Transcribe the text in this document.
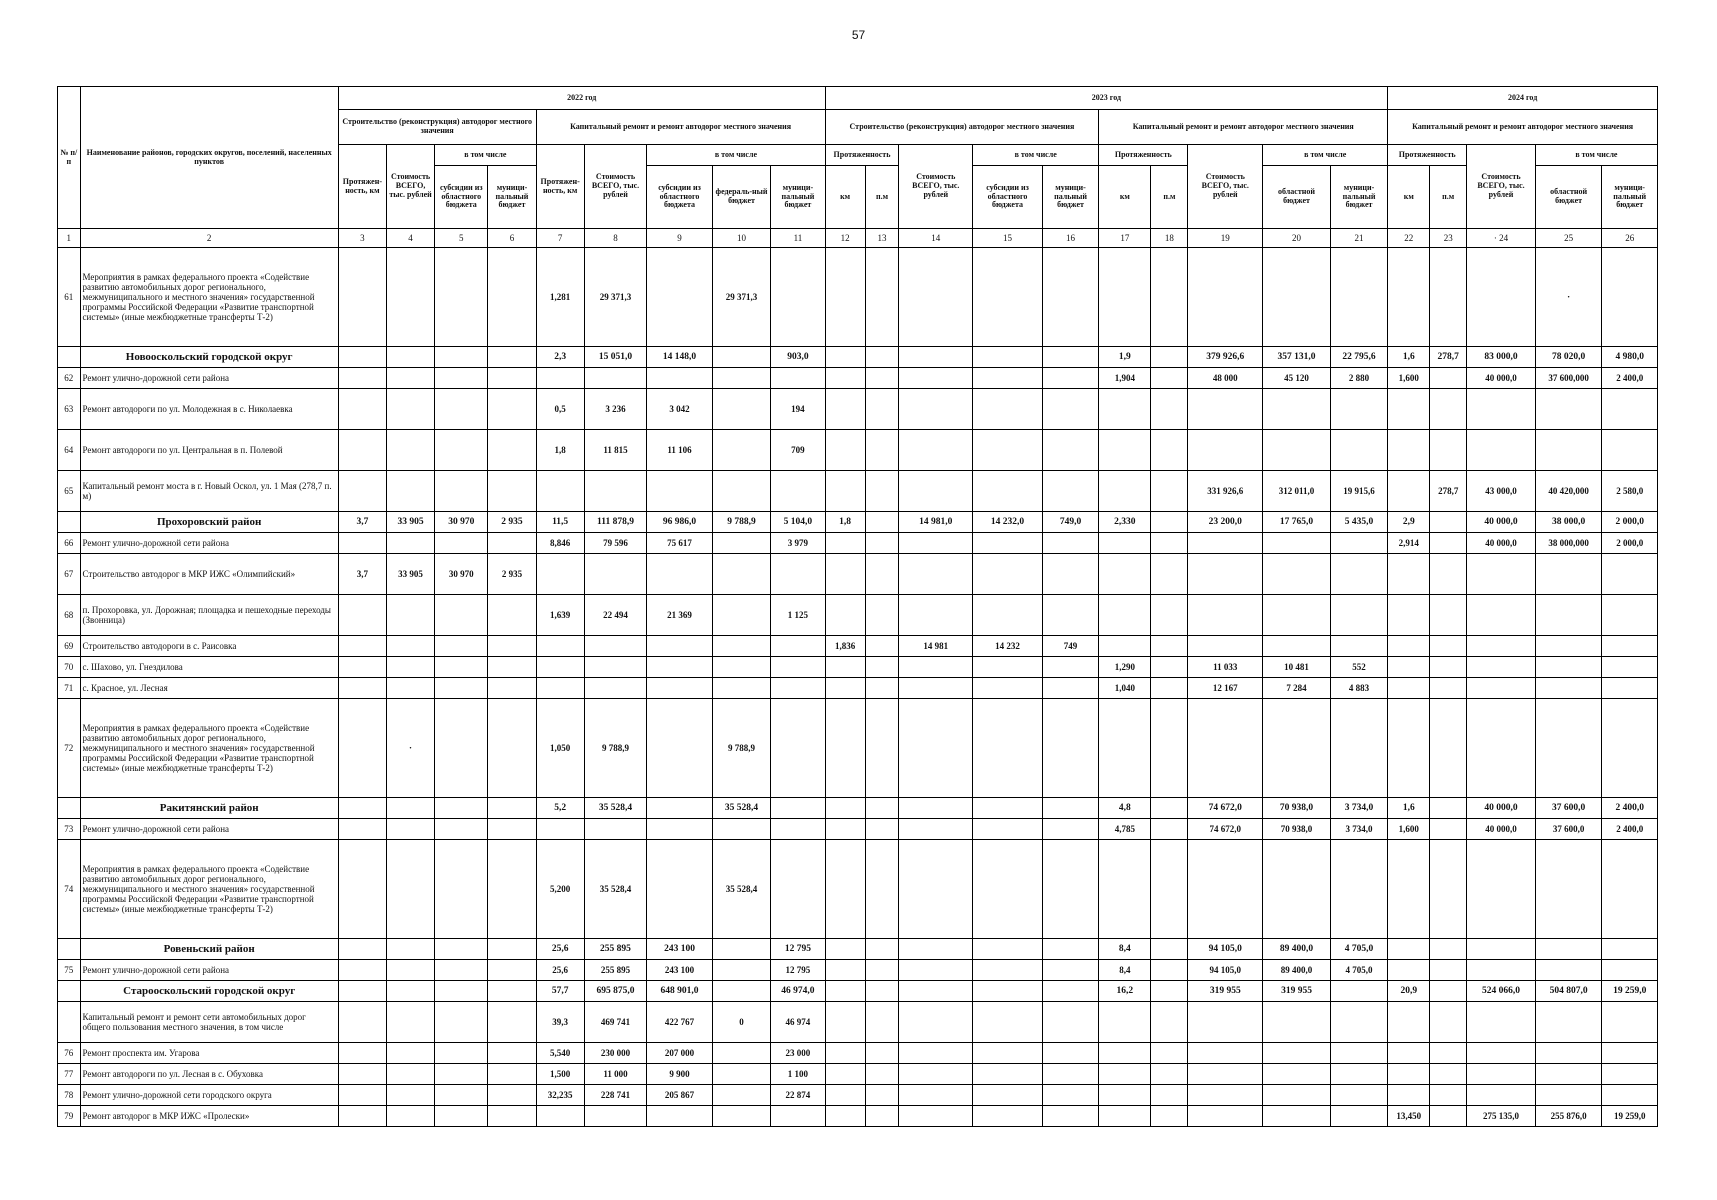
57
№ п/п	Наименование районов, городских округов, поселений, населенных пунктов	2022 год									2023 год										2024 год				
		Строительство (реконструкция) автодорог местного значения				Капитальный ремонт и ремонт автодорог местного значения					Строительство (реконструкция) автодорог местного значения					Капитальный ремонт и ремонт автодорог местного значения					Капитальный ремонт и ремонт автодорог местного значения				
		Протяжен-ность, км	Стоимость ВСЕГО, тыс. рублей	в том числе		Протяжен-ность, км	Стоимость ВСЕГО, тыс. рублей	в том числе			Протяженность		Стоимость ВСЕГО, тыс. рублей	в том числе		Протяженность		Стоимость ВСЕГО, тыс. рублей	в том числе		Протяженность		Стоимость ВСЕГО, тыс. рублей	в том числе	
				субсидии из областного бюджета	муници-пальный бюджет			субсидии из областного бюджета	федераль-ный бюджет	муници-пальный бюджет	км	п.м		субсидии из областного бюджета	муници-пальный бюджет	км	п.м		областной бюджет	муници-пальный бюджет	км	п.м		областной бюджет	муници-пальный бюджет
1	2	3	4	5	6	7	8	9	10	11	12	13	14	15	16	17	18	19	20	21	22	23	· 24	25	26
61	Мероприятия в рамках федерального проекта «Содействие развитию автомобильных дорог регионального, межмуниципального и местного значения» государственной программы Российской Федерации «Развитие транспортной системы» (иные межбюджетные трансферты Т-2)					1,281	29 371,3		29 371,3															·	
	Новооскольский городской округ					2,3	15 051,0	14 148,0		903,0						1,9		379 926,6	357 131,0	22 795,6	1,6	278,7	83 000,0	78 020,0	4 980,0
62	Ремонт улично-дорожной сети района															1,904		48 000	45 120	2 880	1,600		40 000,0	37 600,000	2 400,0
63	Ремонт автодороги по ул. Молодежная в с. Николаевка					0,5	3 236	3 042		194															
64	Ремонт автодороги по ул. Центральная в п. Полевой					1,8	11 815	11 106		709															
65	Капитальный ремонт моста в г. Новый Оскол, ул. 1 Мая (278,7 п. м)																	331 926,6	312 011,0	19 915,6		278,7	43 000,0	40 420,000	2 580,0
	Прохоровский район	3,7	33 905	30 970	2 935	11,5	111 878,9	96 986,0	9 788,9	5 104,0	1,8		14 981,0	14 232,0	749,0	2,330		23 200,0	17 765,0	5 435,0	2,9		40 000,0	38 000,0	2 000,0
66	Ремонт улично-дорожной сети района					8,846	79 596	75 617		3 979											2,914		40 000,0	38 000,000	2 000,0
67	Строительство автодорог в МКР ИЖС «Олимпийский»	3,7	33 905	30 970	2 935																				
68	п. Прохоровка, ул. Дорожная; площадка и пешеходные переходы (Звонница)					1,639	22 494	21 369		1 125															
69	Строительство автодороги в с. Раисовка										1,836		14 981	14 232	749										
70	с. Шахово, ул. Гнездилова															1,290		11 033	10 481	552					
71	с. Красное, ул. Лесная															1,040		12 167	7 284	4 883					
72	Мероприятия в рамках федерального проекта «Содействие развитию автомобильных дорог регионального, межмуниципального и местного значения» государственной программы Российской Федерации «Развитие транспортной системы» (иные межбюджетные трансферты Т-2)		·			1,050	9 788,9		9 788,9																
	Ракитянский район					5,2	35 528,4		35 528,4							4,8		74 672,0	70 938,0	3 734,0	1,6		40 000,0	37 600,0	2 400,0
73	Ремонт улично-дорожной сети района															4,785		74 672,0	70 938,0	3 734,0	1,600		40 000,0	37 600,0	2 400,0
74	Мероприятия в рамках федерального проекта «Содействие развитию автомобильных дорог регионального, межмуниципального и местного значения» государственной программы Российской Федерации «Развитие транспортной системы» (иные межбюджетные трансферты Т-2)					5,200	35 528,4		35 528,4																
	Ровеньский район					25,6	255 895	243 100		12 795						8,4		94 105,0	89 400,0	4 705,0					
75	Ремонт улично-дорожной сети района					25,6	255 895	243 100		12 795						8,4		94 105,0	89 400,0	4 705,0					
	Старооскольский городской округ					57,7	695 875,0	648 901,0		46 974,0						16,2		319 955	319 955		20,9		524 066,0	504 807,0	19 259,0
	Капитальный ремонт и ремонт сети автомобильных дорог общего пользования местного значения, в том числе					39,3	469 741	422 767	0	46 974															
76	Ремонт проспекта им. Угарова					5,540	230 000	207 000		23 000															
77	Ремонт автодороги по ул. Лесная в с. Обуховка					1,500	11 000	9 900		1 100															
78	Ремонт улично-дорожной сети городского округа					32,235	228 741	205 867		22 874															
79	Ремонт автодорог в МКР ИЖС «Пролески»																				13,450		275 135,0	255 876,0	19 259,0
